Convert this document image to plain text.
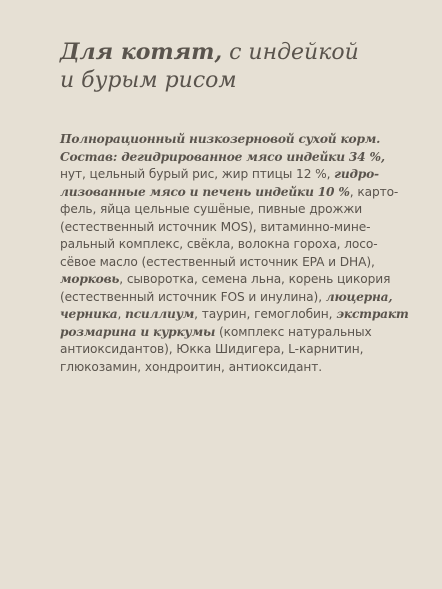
Для котят, с индейкой
и бурым рисом
Полнорационный низкозерновой сухой корм.
Состав: дегидрированное мясо индейки 34 %,
нут, цельный бурый рис, жир птицы 12 %, гидро-
лизованные мясо и печень индейки 10 %, карто-
фель, яйца цельные сушёные, пивные дрожжи
(естественный источник MOS), витаминно-мине-
ральный комплекс, свёкла, волокна гороха, лосо-
сёвое масло (естественный источник EPA и DHA),
морковь, сыворотка, семена льна, корень цикория
(естественный источник FOS и инулина), люцерна,
черника, псиллиум, таурин, гемоглобин, экстракт
розмарина и куркумы (комплекс натуральных
антиоксидантов), Юкка Шидигера, L-карнитин,
глюкозамин, хондроитин, антиоксидант.
